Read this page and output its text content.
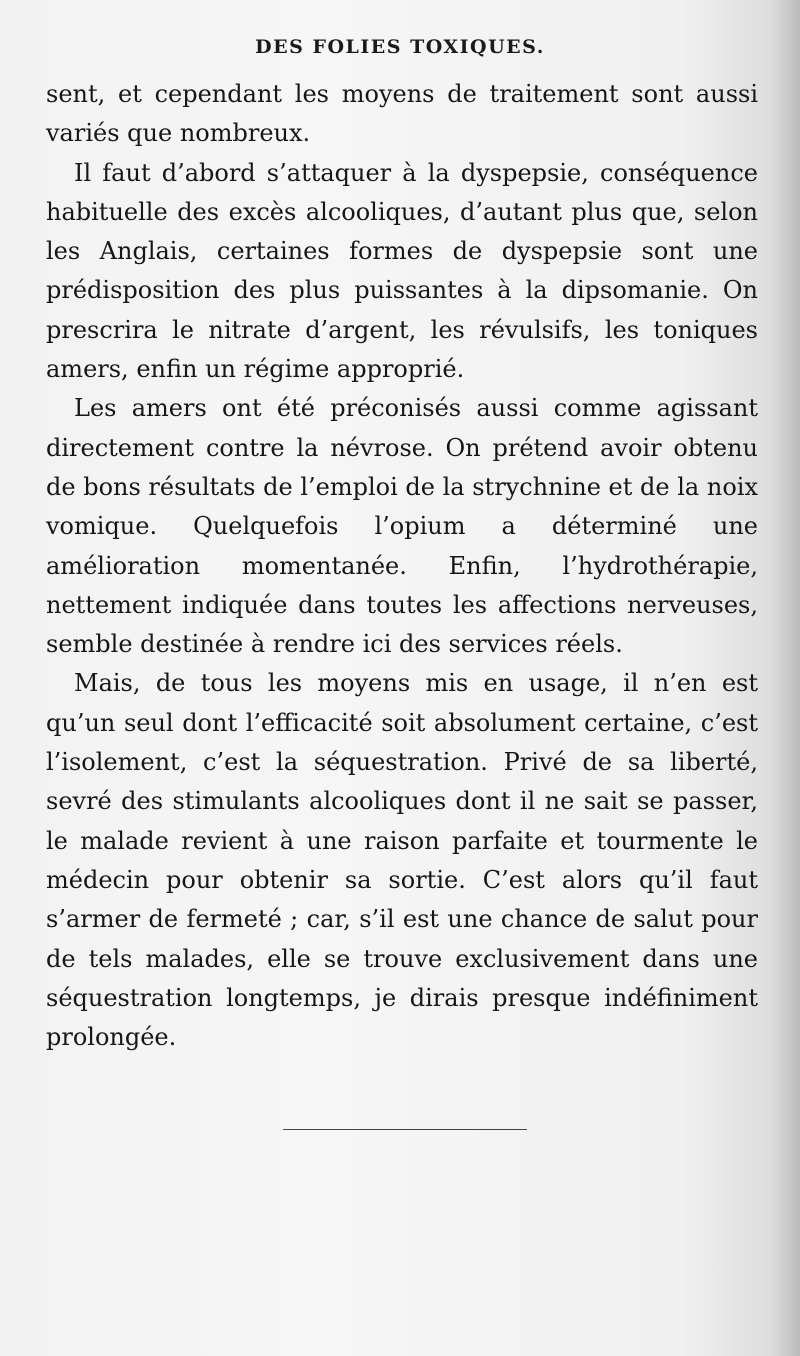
DES FOLIES TOXIQUES.

sent, et cependant les moyens de traitement sont aussi variés que nombreux.

Il faut d’abord s’attaquer à la dyspepsie, conséquence habituelle des excès alcooliques, d’autant plus que, selon les Anglais, certaines formes de dyspepsie sont une prédisposition des plus puissantes à la dipsomanie. On prescrira le nitrate d’argent, les révulsifs, les toniques amers, enfin un régime approprié.

Les amers ont été préconisés aussi comme agissant directement contre la névrose. On prétend avoir obtenu de bons résultats de l’emploi de la strychnine et de la noix vomique. Quelquefois l’opium a déterminé une amélioration momentanée. Enfin, l’hydrothérapie, nettement indiquée dans toutes les affections nerveuses, semble destinée à rendre ici des services réels.

Mais, de tous les moyens mis en usage, il n’en est qu’un seul dont l’efficacité soit absolument certaine, c’est l’isolement, c’est la séquestration. Privé de sa liberté, sevré des stimulants alcooliques dont il ne sait se passer, le malade revient à une raison parfaite et tourmente le médecin pour obtenir sa sortie. C’est alors qu’il faut s’armer de fermeté ; car, s’il est une chance de salut pour de tels malades, elle se trouve exclusivement dans une séquestration longtemps, je dirais presque indéfiniment prolongée.
